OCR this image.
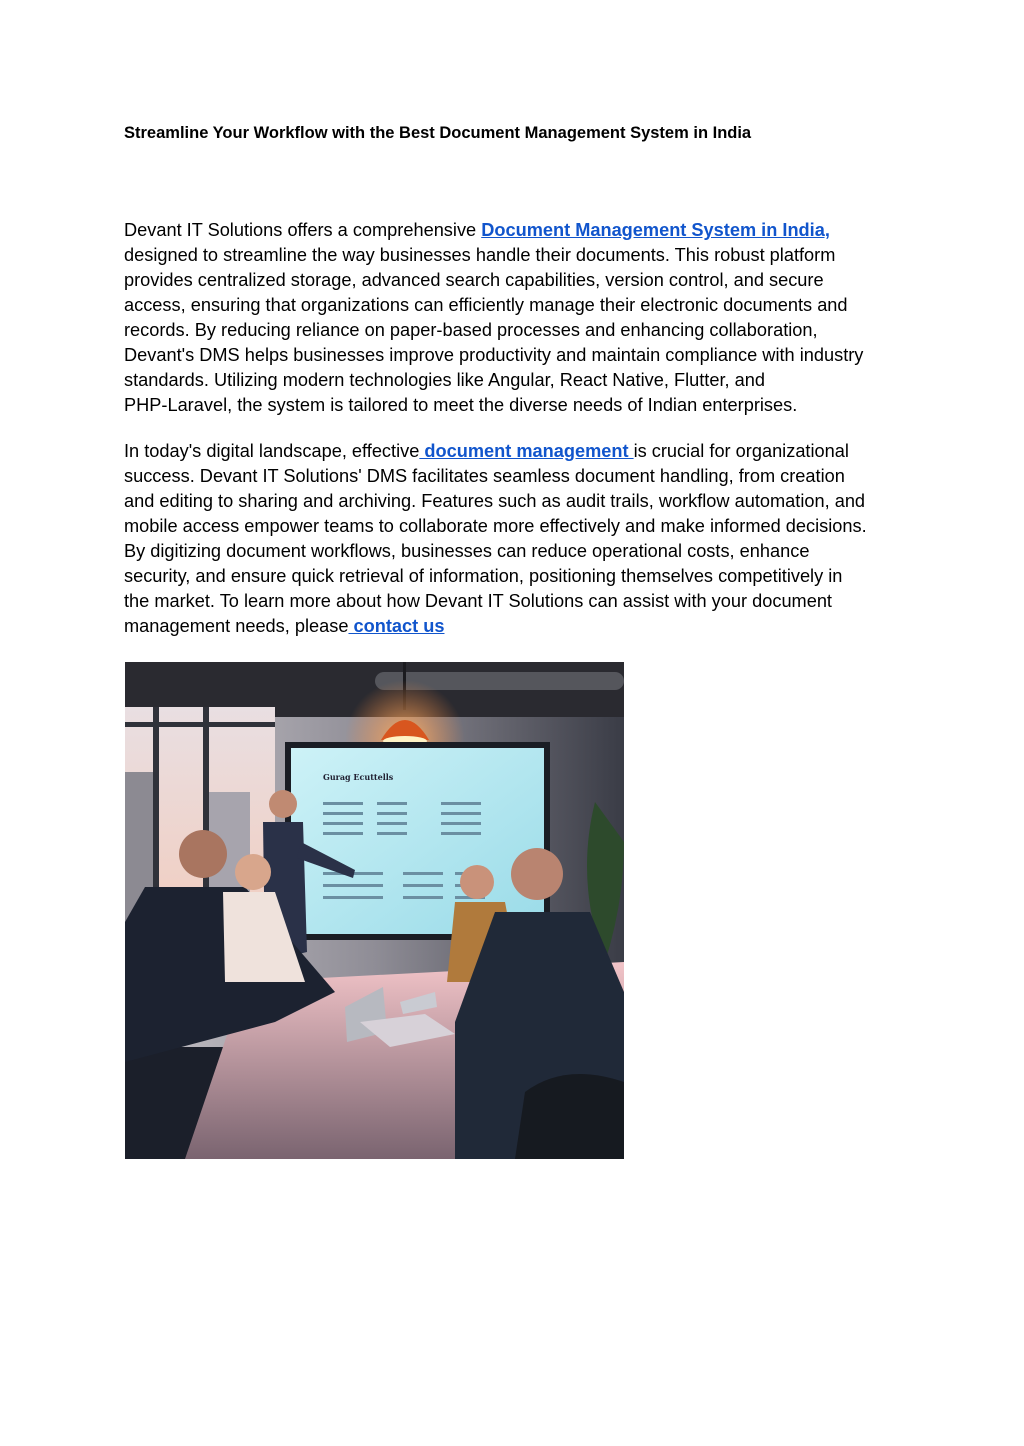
Streamline Your Workflow with the Best Document Management System in India

Devant IT Solutions offers a comprehensive Document Management System in India,
designed to streamline the way businesses handle their documents. This robust platform
provides centralized storage, advanced search capabilities, version control, and secure
access, ensuring that organizations can efficiently manage their electronic documents and
records. By reducing reliance on paper-based processes and enhancing collaboration,
Devant's DMS helps businesses improve productivity and maintain compliance with industry
standards. Utilizing modern technologies like Angular, React Native, Flutter, and
PHP-Laravel, the system is tailored to meet the diverse needs of Indian enterprises.

In today's digital landscape, effective document management is crucial for organizational
success. Devant IT Solutions' DMS facilitates seamless document handling, from creation
and editing to sharing and archiving. Features such as audit trails, workflow automation, and
mobile access empower teams to collaborate more effectively and make informed decisions.
By digitizing document workflows, businesses can reduce operational costs, enhance
security, and ensure quick retrieval of information, positioning themselves competitively in
the market. To learn more about how Devant IT Solutions can assist with your document
management needs, please contact us

Gurag Ecuttells
